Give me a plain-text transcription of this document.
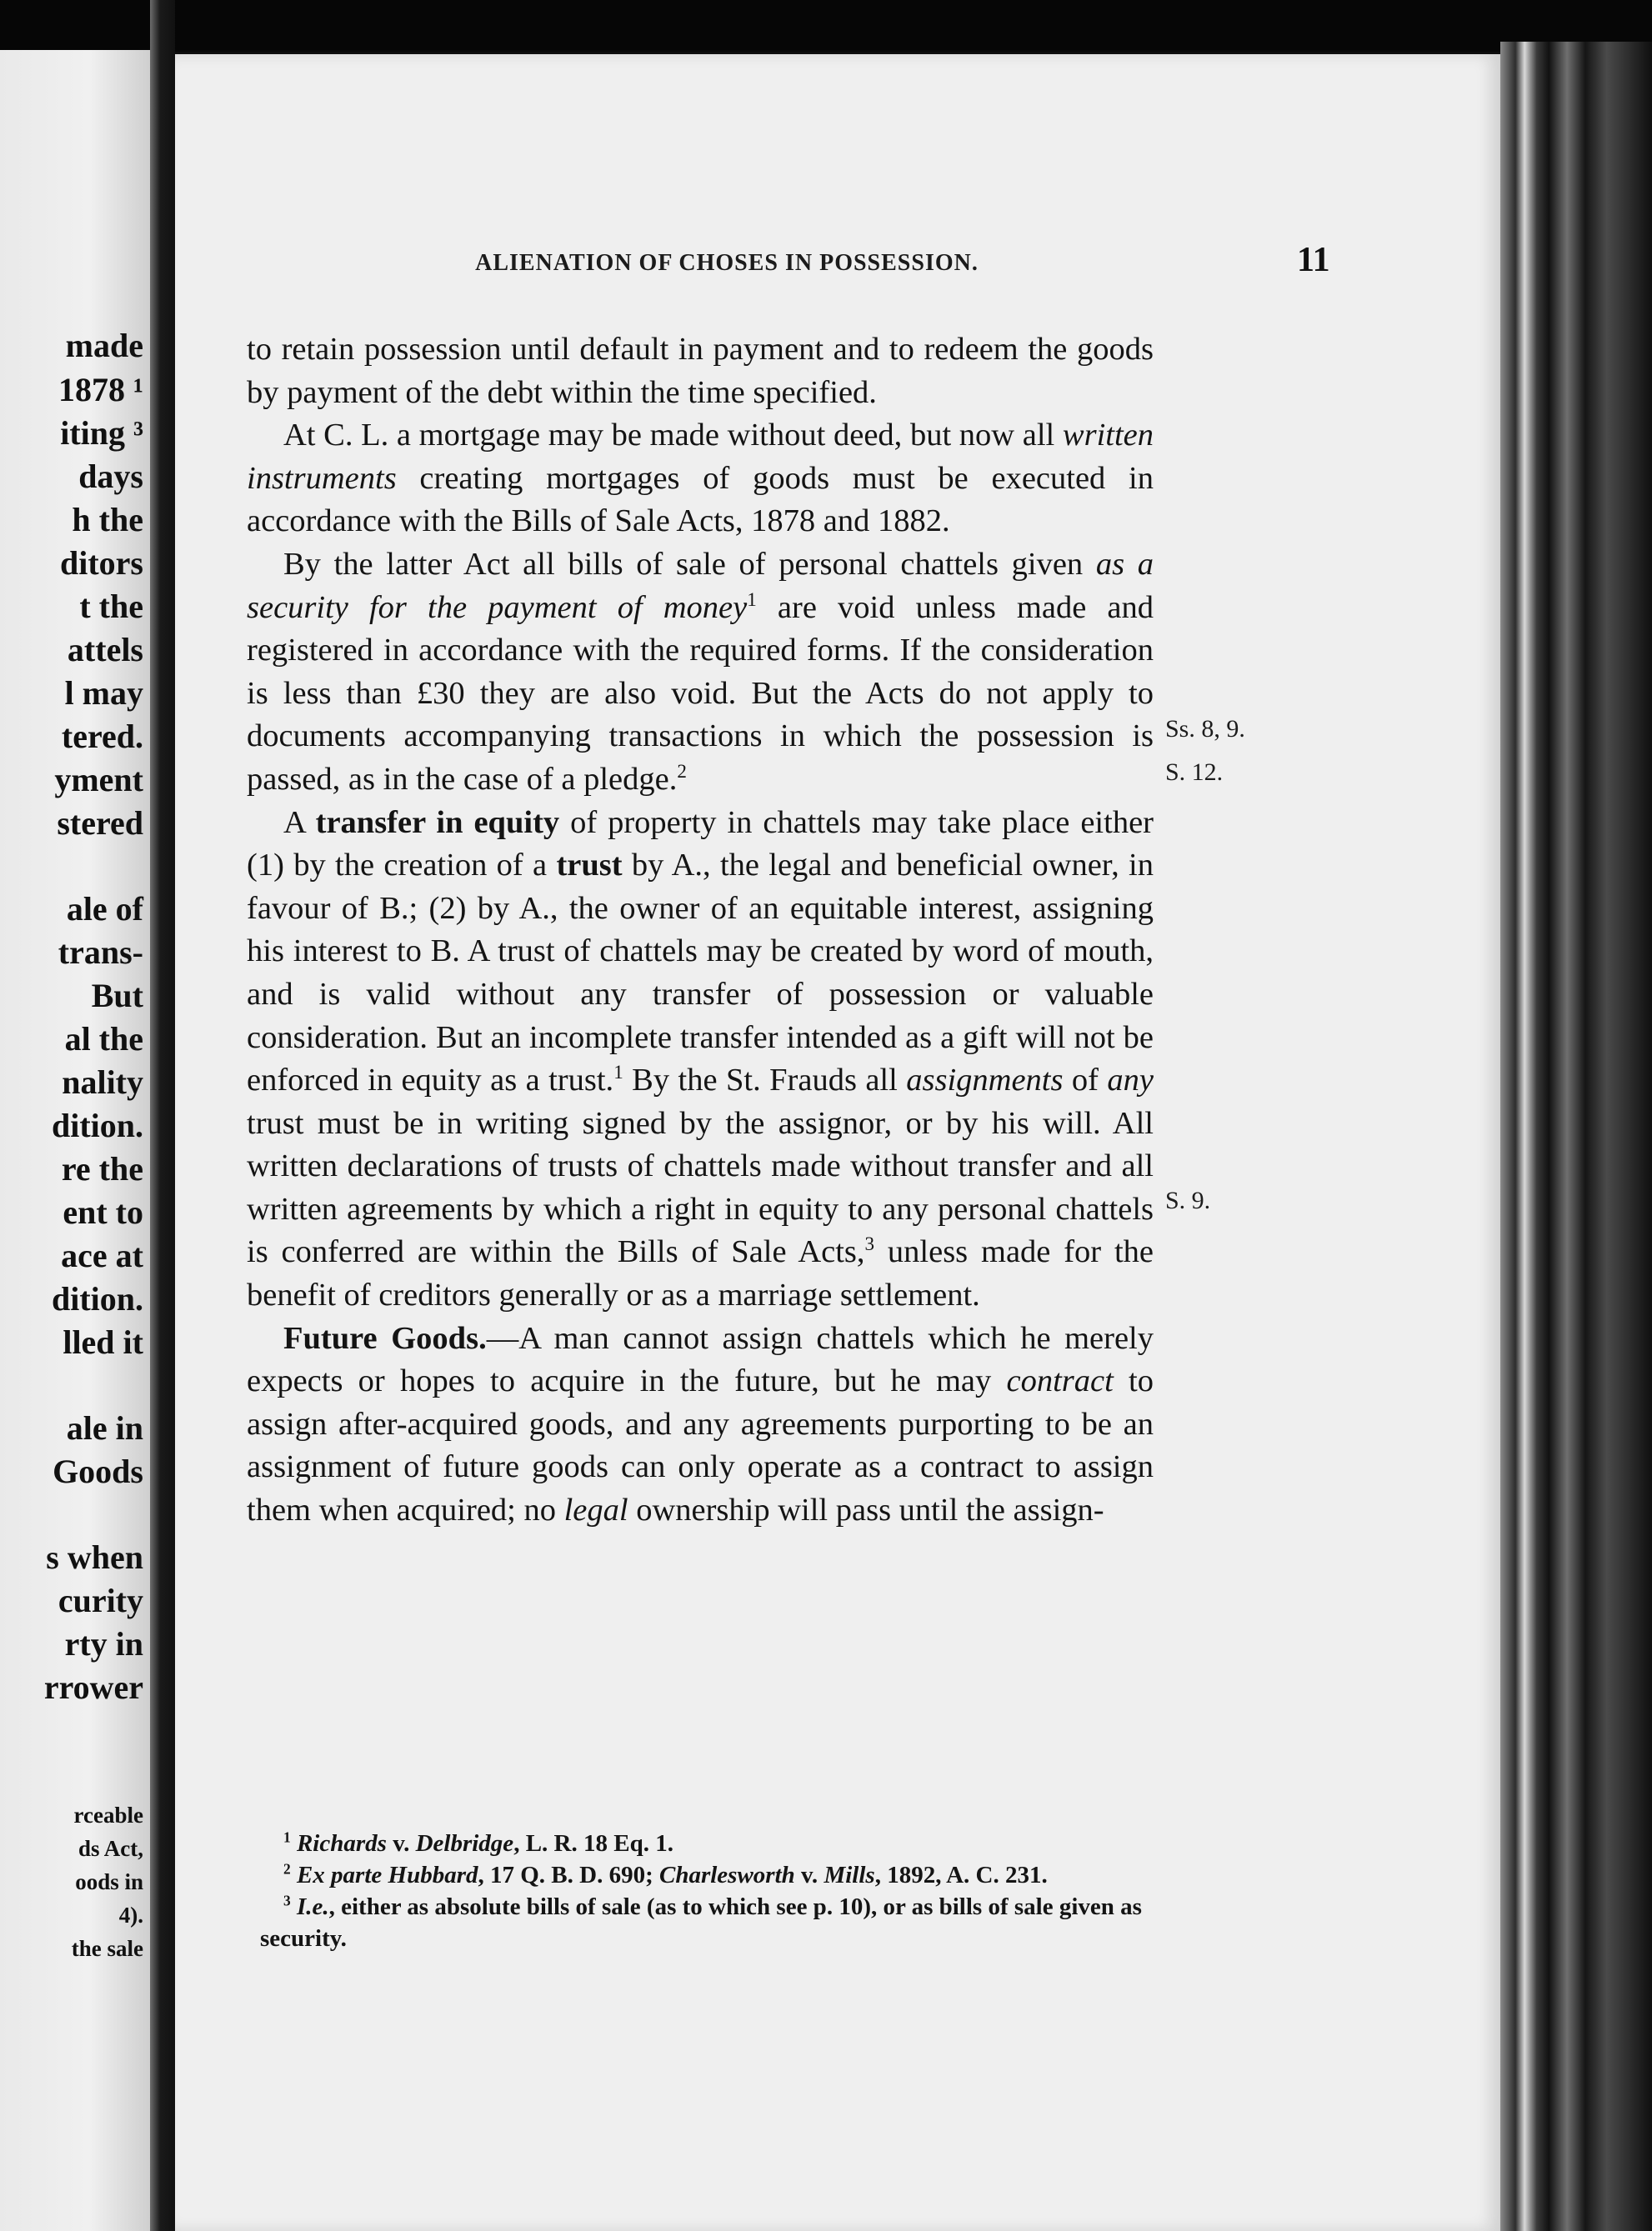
made
1878 ¹
iting ³
days
h the
ditors
t the
attels
l may
tered.
yment
stered
ale of
trans-
But
al the
nality
dition.
re the
ent to
ace at
dition.
lled it
ale in
Goods
s when
curity
rty in
rrower
rceable
ds Act,
oods in
4).
the sale
ALIENATION OF CHOSES IN POSSESSION.	11

to retain possession until default in payment and to redeem the goods by payment of the debt within the time specified.

At C. L. a mortgage may be made without deed, but now all written instruments creating mortgages of goods must be executed in accordance with the Bills of Sale Acts, 1878 and 1882.

By the latter Act all bills of sale of personal chattels given as a security for the payment of money$^1$ are void unless made and registered in accordance with the required forms. If the consideration is less than £30 they are also void. But the Acts do not apply to documents accompanying transactions in which the possession is passed, as in the case of a pledge.$^2$

A transfer in equity of property in chattels may take place either (1) by the creation of a trust by A., the legal and beneficial owner, in favour of B.; (2) by A., the owner of an equitable interest, assigning his interest to B. A trust of chattels may be created by word of mouth, and is valid without any transfer of possession or valuable consideration. But an incomplete transfer intended as a gift will not be enforced in equity as a trust.$^1$ By the St. Frauds all assignments of any trust must be in writing signed by the assignor, or by his will. All written declarations of trusts of chattels made without transfer and all written agreements by which a right in equity to any personal chattels is conferred are within the Bills of Sale Acts,$^3$ unless made for the benefit of creditors generally or as a marriage settlement.

Future Goods.—A man cannot assign chattels which he merely expects or hopes to acquire in the future, but he may contract to assign after-acquired goods, and any agreements purporting to be an assignment of future goods can only operate as a contract to assign them when acquired; no legal ownership will pass until the assign-

Ss. 8, 9.
S. 12.
S. 9.

$^1$ Richards v. Delbridge, L. R. 18 Eq. 1.

$^2$ Ex parte Hubbard, 17 Q. B. D. 690; Charlesworth v. Mills, 1892, A. C. 231.

$^3$ I.e., either as absolute bills of sale (as to which see p. 10), or as bills of sale given as security.
